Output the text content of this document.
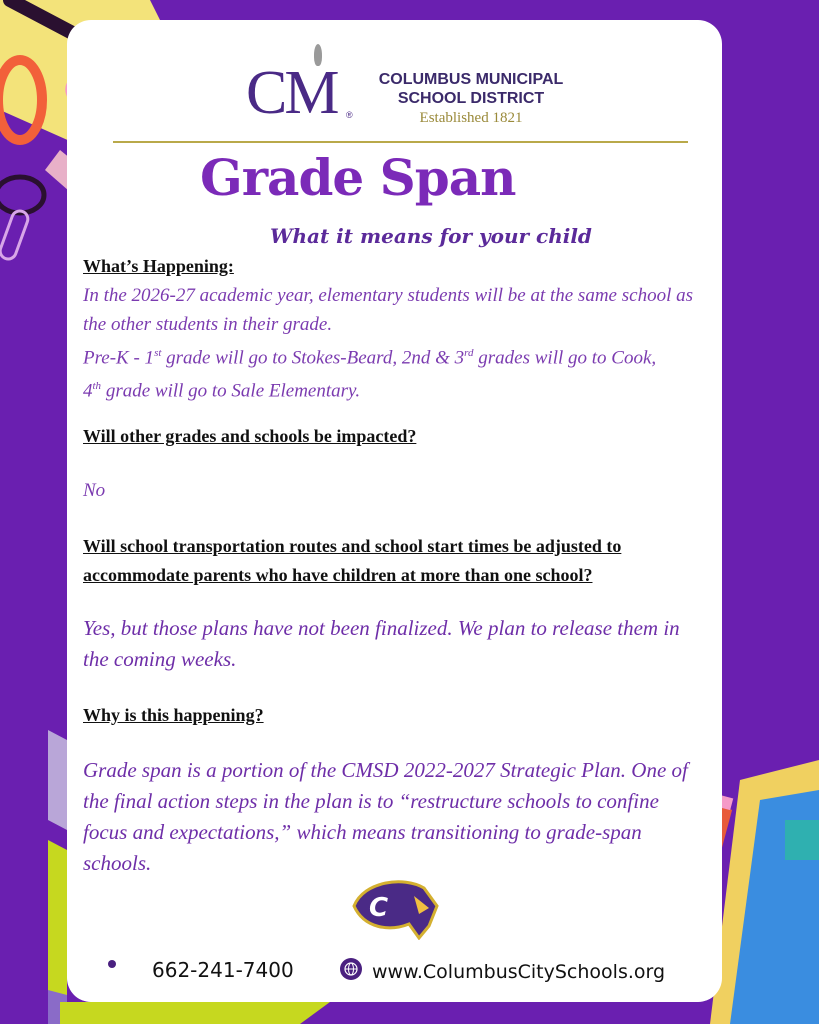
CM ®
COLUMBUS MUNICIPAL
SCHOOL DISTRICT
Established 1821
Grade Span
What it means for your child
What’s Happening:
In the 2026-27 academic year, elementary students will be at the same school as the other students in their grade.
Pre-K - 1st grade will go to Stokes-Beard, 2nd & 3rd grades will go to Cook,
4th grade will go to Sale Elementary.
Will other grades and schools be impacted?
No
Will school transportation routes and school start times be adjusted to accommodate parents who have children at more than one school?
Yes, but those plans have not been finalized. We plan to release them in the coming weeks.
Why is this happening?
Grade span is a portion of the CMSD 2022-2027 Strategic Plan. One of the final action steps in the plan is to “restructure schools to confine focus and expectations,” which means transitioning to grade-span schools.
C
662-241-7400	www.ColumbusCitySchools.org
